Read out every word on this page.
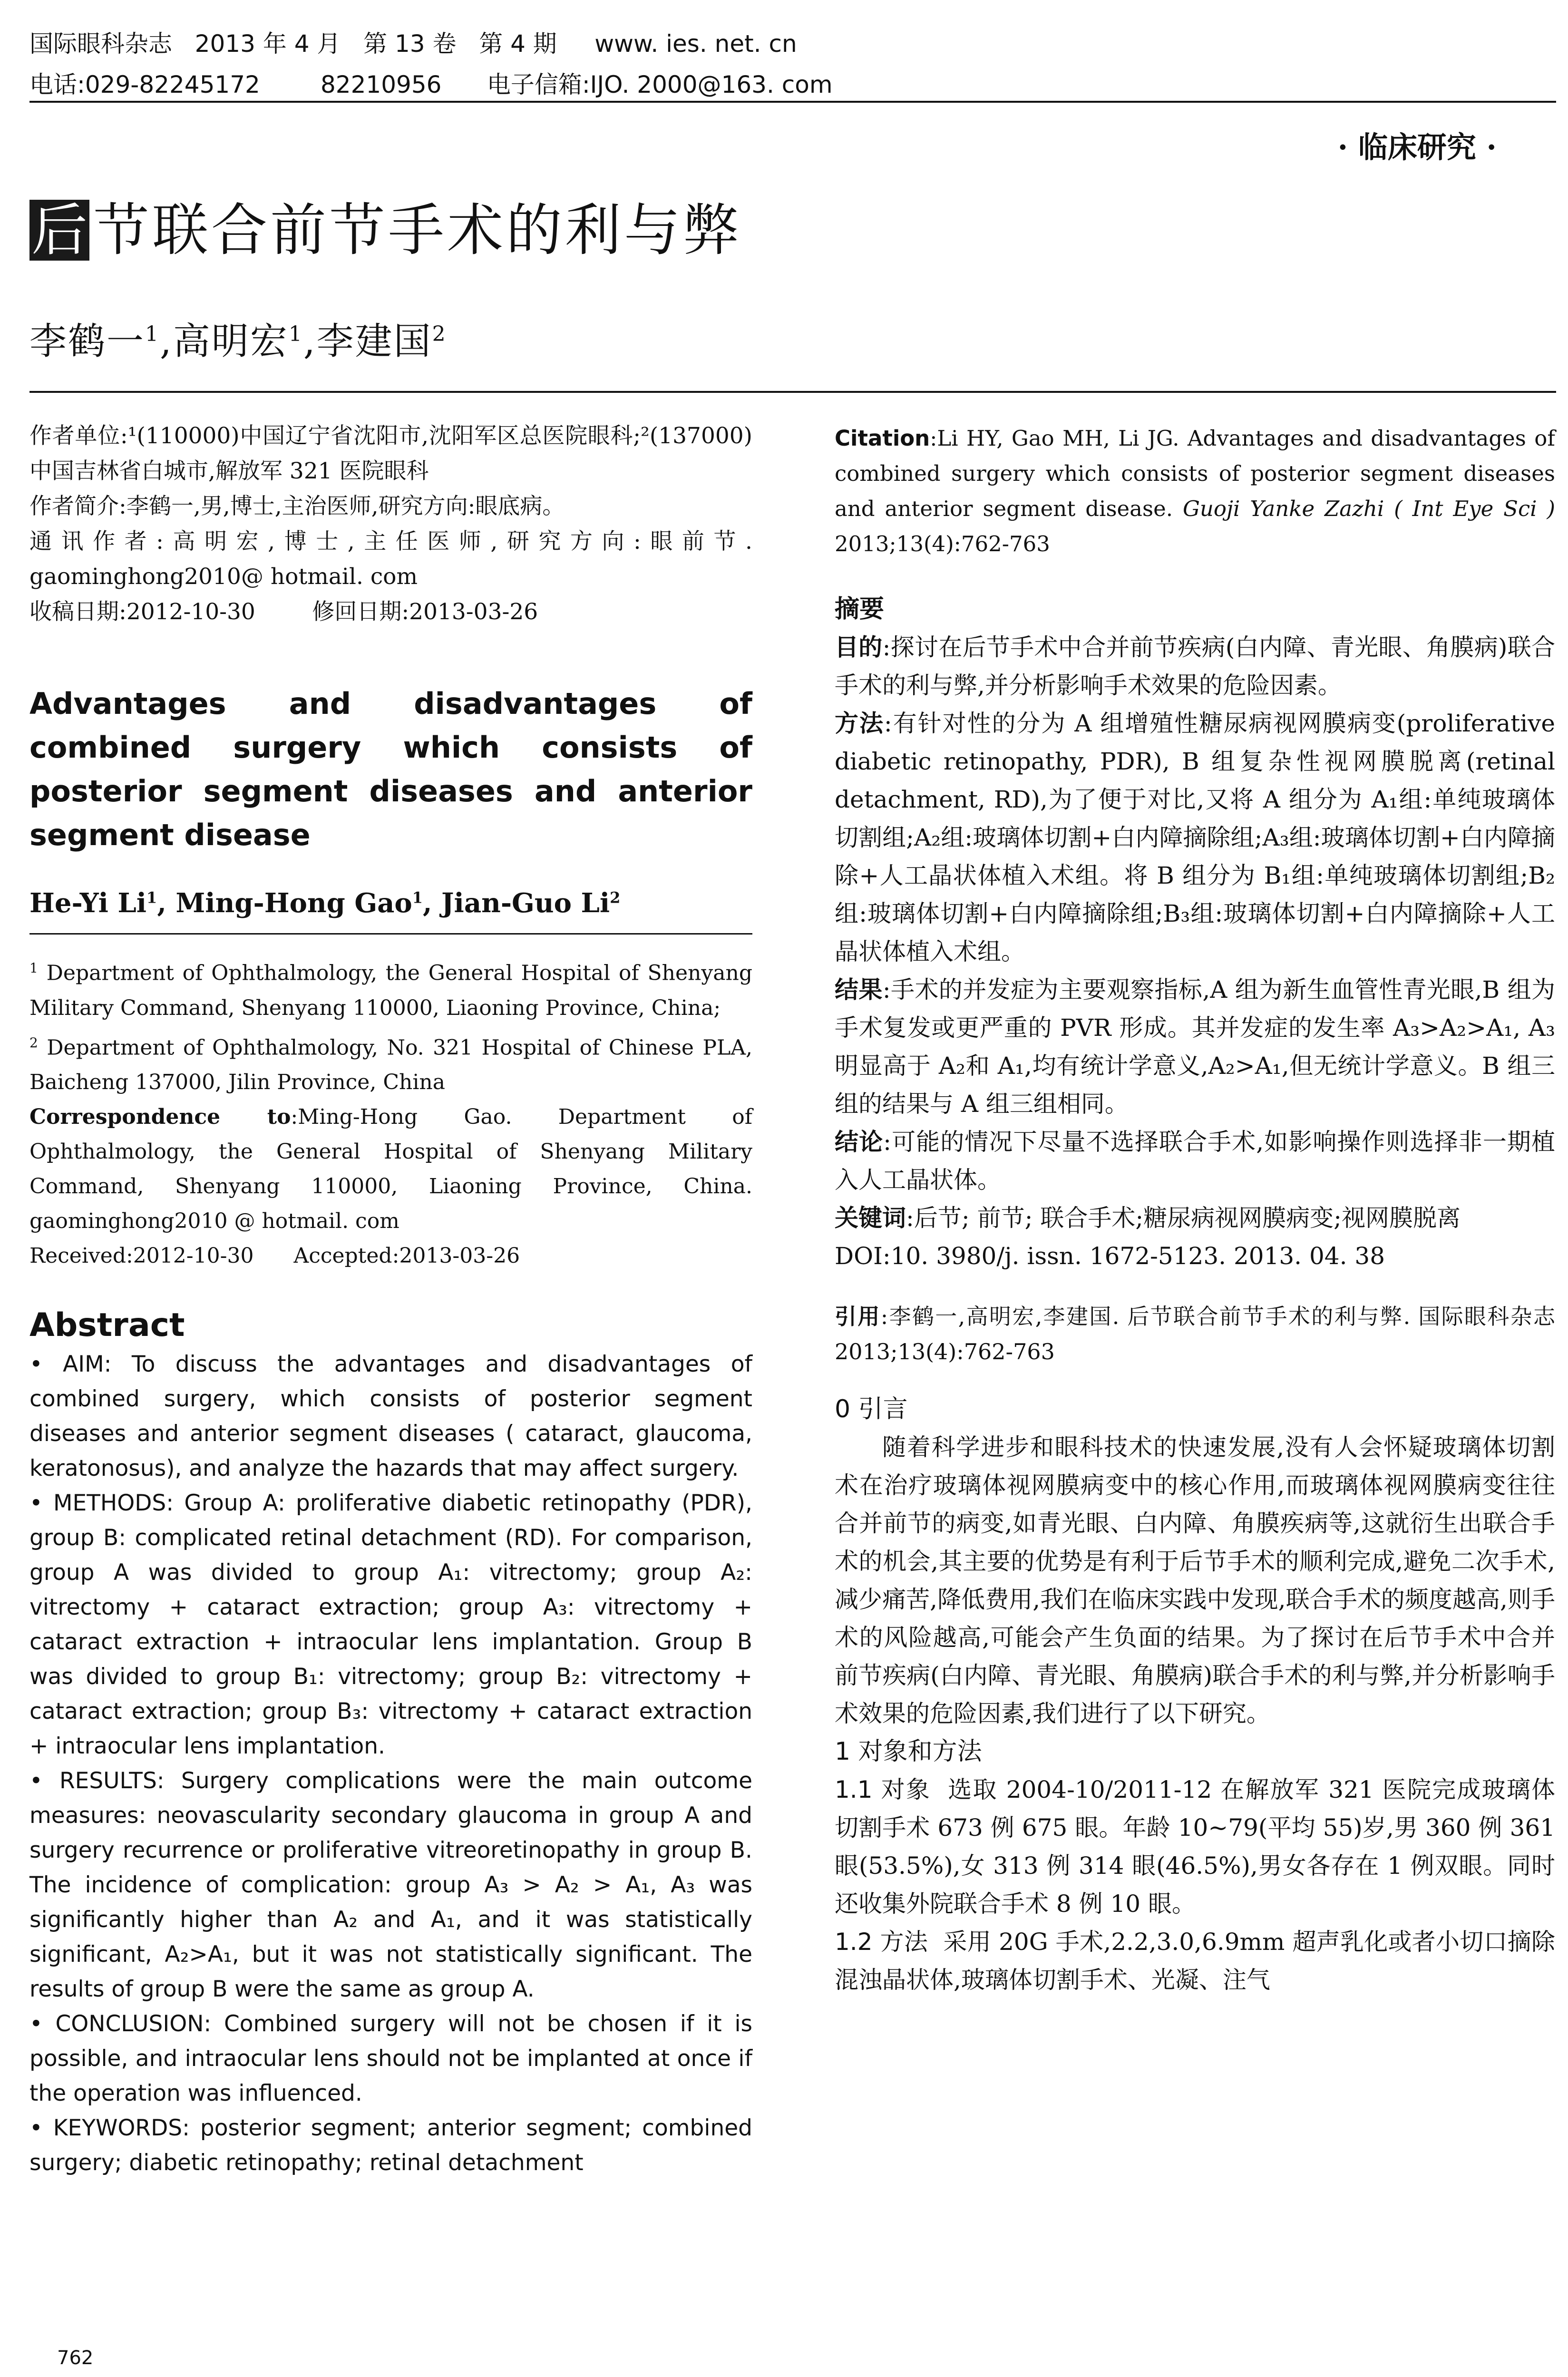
国际眼科杂志   2013 年 4 月   第 13 卷   第 4 期     www. ies. net. cn
电话:029-82245172        82210956      电子信箱:IJO. 2000@163. com
· 临床研究 ·
后 节联合前节手术的利与弊
李鹤一$^1$,高明宏$^1$,李建国$^2$

作者单位:¹(110000)中国辽宁省沈阳市,沈阳军区总医院眼科;²(137000) 中国吉林省白城市,解放军 321 医院眼科

作者简介:李鹤一,男,博士,主治医师,研究方向:眼底病。

通讯作者:高明宏,博士,主任医师,研究方向:眼前节. gaominghong2010@ hotmail. com

收稿日期:2012-10-30        修回日期:2013-03-26

Advantages and disadvantages of combined surgery which consists of posterior segment diseases and anterior segment disease
He-Yi Li$^1$, Ming-Hong Gao$^1$, Jian-Guo Li$^2$

$^1$ Department of Ophthalmology, the General Hospital of Shenyang Military Command, Shenyang 110000, Liaoning Province, China;

$^2$ Department of Ophthalmology, No. 321 Hospital of Chinese PLA, Baicheng 137000, Jilin Province, China

Correspondence to:Ming-Hong Gao. Department of Ophthalmology, the General Hospital of Shenyang Military Command, Shenyang 110000, Liaoning Province, China. gaominghong2010 @ hotmail. com

Received:2012-10-30      Accepted:2013-03-26

Abstract

• AIM: To discuss the advantages and disadvantages of combined surgery, which consists of posterior segment diseases and anterior segment diseases ( cataract, glaucoma, keratonosus), and analyze the hazards that may affect surgery.

• METHODS: Group A: proliferative diabetic retinopathy (PDR), group B: complicated retinal detachment (RD). For comparison, group A was divided to group A₁: vitrectomy; group A₂: vitrectomy + cataract extraction; group A₃: vitrectomy + cataract extraction + intraocular lens implantation. Group B was divided to group B₁: vitrectomy; group B₂: vitrectomy + cataract extraction; group B₃: vitrectomy + cataract extraction + intraocular lens implantation.

• RESULTS: Surgery complications were the main outcome measures: neovascularity secondary glaucoma in group A and surgery recurrence or proliferative vitreoretinopathy in group B. The incidence of complication: group A₃ > A₂ > A₁, A₃ was significantly higher than A₂ and A₁, and it was statistically significant, A₂>A₁, but it was not statistically significant. The results of group B were the same as group A.

• CONCLUSION: Combined surgery will not be chosen if it is possible, and intraocular lens should not be implanted at once if the operation was influenced.

• KEYWORDS: posterior segment; anterior segment; combined surgery; diabetic retinopathy; retinal detachment

Citation:Li HY, Gao MH, Li JG. Advantages and disadvantages of combined surgery which consists of posterior segment diseases and anterior segment disease. Guoji Yanke Zazhi ( Int Eye Sci ) 2013;13(4):762-763

摘要

目的:探讨在后节手术中合并前节疾病(白内障、青光眼、角膜病)联合手术的利与弊,并分析影响手术效果的危险因素。

方法:有针对性的分为 A 组增殖性糖尿病视网膜病变(proliferative diabetic retinopathy, PDR), B 组复杂性视网膜脱离(retinal detachment, RD),为了便于对比,又将 A 组分为 A₁组:单纯玻璃体切割组;A₂组:玻璃体切割+白内障摘除组;A₃组:玻璃体切割+白内障摘除+人工晶状体植入术组。将 B 组分为 B₁组:单纯玻璃体切割组;B₂组:玻璃体切割+白内障摘除组;B₃组:玻璃体切割+白内障摘除+人工晶状体植入术组。

结果:手术的并发症为主要观察指标,A 组为新生血管性青光眼,B 组为手术复发或更严重的 PVR 形成。其并发症的发生率 A₃>A₂>A₁, A₃明显高于 A₂和 A₁,均有统计学意义,A₂>A₁,但无统计学意义。B 组三组的结果与 A 组三组相同。

结论:可能的情况下尽量不选择联合手术,如影响操作则选择非一期植入人工晶状体。

关键词:后节; 前节; 联合手术;糖尿病视网膜病变;视网膜脱离

DOI:10. 3980/j. issn. 1672-5123. 2013. 04. 38

引用:李鹤一,高明宏,李建国. 后节联合前节手术的利与弊. 国际眼科杂志 2013;13(4):762-763

0 引言

随着科学进步和眼科技术的快速发展,没有人会怀疑玻璃体切割术在治疗玻璃体视网膜病变中的核心作用,而玻璃体视网膜病变往往合并前节的病变,如青光眼、白内障、角膜疾病等,这就衍生出联合手术的机会,其主要的优势是有利于后节手术的顺利完成,避免二次手术,减少痛苦,降低费用,我们在临床实践中发现,联合手术的频度越高,则手术的风险越高,可能会产生负面的结果。为了探讨在后节手术中合并前节疾病(白内障、青光眼、角膜病)联合手术的利与弊,并分析影响手术效果的危险因素,我们进行了以下研究。

1 对象和方法

1.1 对象 选取 2004-10/2011-12 在解放军 321 医院完成玻璃体切割手术 673 例 675 眼。年龄 10~79(平均 55)岁,男 360 例 361 眼(53.5%),女 313 例 314 眼(46.5%),男女各存在 1 例双眼。同时还收集外院联合手术 8 例 10 眼。

1.2 方法 采用 20G 手术,2.2,3.0,6.9mm 超声乳化或者小切口摘除混浊晶状体,玻璃体切割手术、光凝、注气

762
